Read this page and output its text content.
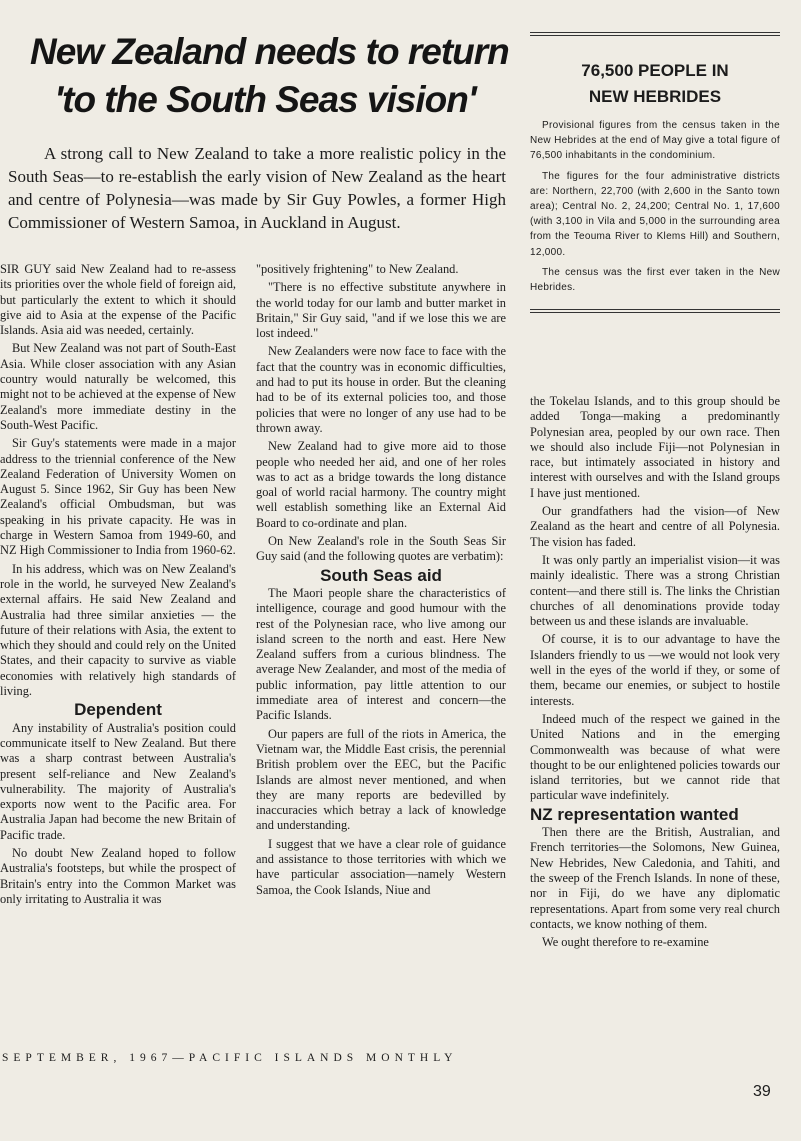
New Zealand needs to return
'to the South Seas vision'

A strong call to New Zealand to take a more realistic policy in the South Seas—to re-establish the early vision of New Zealand as the heart and centre of Polynesia—was made by Sir Guy Powles, a former High Commissioner of Western Samoa, in Auckland in August.

SIR GUY said New Zealand had to re-assess its priorities over the whole field of foreign aid, but particularly the extent to which it should give aid to Asia at the expense of the Pacific Islands. Asia aid was needed, certainly.

But New Zealand was not part of South-East Asia. While closer association with any Asian country would naturally be welcomed, this might not to be achieved at the expense of New Zealand's more immediate destiny in the South-West Pacific.

Sir Guy's statements were made in a major address to the triennial conference of the New Zealand Federation of University Women on August 5. Since 1962, Sir Guy has been New Zealand's official Ombudsman, but was speaking in his private capacity. He was in charge in Western Samoa from 1949-60, and NZ High Commissioner to India from 1960-62.

In his address, which was on New Zealand's role in the world, he surveyed New Zealand's external affairs. He said New Zealand and Australia had three similar anxieties — the future of their relations with Asia, the extent to which they should and could rely on the United States, and their capacity to survive as viable economies with relatively high standards of living.

Dependent

Any instability of Australia's position could communicate itself to New Zealand. But there was a sharp contrast between Australia's present self-reliance and New Zealand's vulnerability. The majority of Australia's exports now went to the Pacific area. For Australia Japan had become the new Britain of Pacific trade.

No doubt New Zealand hoped to follow Australia's footsteps, but while the prospect of Britain's entry into the Common Market was only irritating to Australia it was

"positively frightening" to New Zealand.

"There is no effective substitute anywhere in the world today for our lamb and butter market in Britain," Sir Guy said, "and if we lose this we are lost indeed."

New Zealanders were now face to face with the fact that the country was in economic difficulties, and had to put its house in order. But the cleaning had to be of its external policies too, and those policies that were no longer of any use had to be thrown away.

New Zealand had to give more aid to those people who needed her aid, and one of her roles was to act as a bridge towards the long distance goal of world racial harmony. The country might well establish something like an External Aid Board to co-ordinate and plan.

On New Zealand's role in the South Seas Sir Guy said (and the following quotes are verbatim):

South Seas aid

The Maori people share the characteristics of intelligence, courage and good humour with the rest of the Polynesian race, who live among our island screen to the north and east. Here New Zealand suffers from a curious blindness. The average New Zealander, and most of the media of public information, pay little attention to our immediate area of interest and concern—the Pacific Islands.

Our papers are full of the riots in America, the Vietnam war, the Middle East crisis, the perennial British problem over the EEC, but the Pacific Islands are almost never mentioned, and when they are many reports are bedevilled by inaccuracies which betray a lack of knowledge and understanding.

I suggest that we have a clear role of guidance and assistance to those territories with which we have particular association—namely Western Samoa, the Cook Islands, Niue and

76,500 PEOPLE IN
NEW HEBRIDES

Provisional figures from the census taken in the New Hebrides at the end of May give a total figure of 76,500 inhabitants in the condominium.

The figures for the four administrative districts are: Northern, 22,700 (with 2,600 in the Santo town area); Central No. 2, 24,200; Central No. 1, 17,600 (with 3,100 in Vila and 5,000 in the surrounding area from the Teouma River to Klems Hill) and Southern, 12,000.

The census was the first ever taken in the New Hebrides.

the Tokelau Islands, and to this group should be added Tonga—making a predominantly Polynesian area, peopled by our own race. Then we should also include Fiji—not Polynesian in race, but intimately associated in history and interest with ourselves and with the Island groups I have just mentioned.

Our grandfathers had the vision—of New Zealand as the heart and centre of all Polynesia. The vision has faded.

It was only partly an imperialist vision—it was mainly idealistic. There was a strong Christian content—and there still is. The links the Christian churches of all denominations provide today between us and these islands are invaluable.

Of course, it is to our advantage to have the Islanders friendly to us —we would not look very well in the eyes of the world if they, or some of them, became our enemies, or subject to hostile interests.

Indeed much of the respect we gained in the United Nations and in the emerging Commonwealth was because of what were thought to be our enlightened policies towards our island territories, but we cannot ride that particular wave indefinitely.

NZ representation wanted

Then there are the British, Australian, and French territories—the Solomons, New Guinea, New Hebrides, New Caledonia, and Tahiti, and the sweep of the French Islands. In none of these, nor in Fiji, do we have any diplomatic representations. Apart from some very real church contacts, we know nothing of them.

We ought therefore to re-examine

SEPTEMBER, 1967—PACIFIC ISLANDS MONTHLY
39
